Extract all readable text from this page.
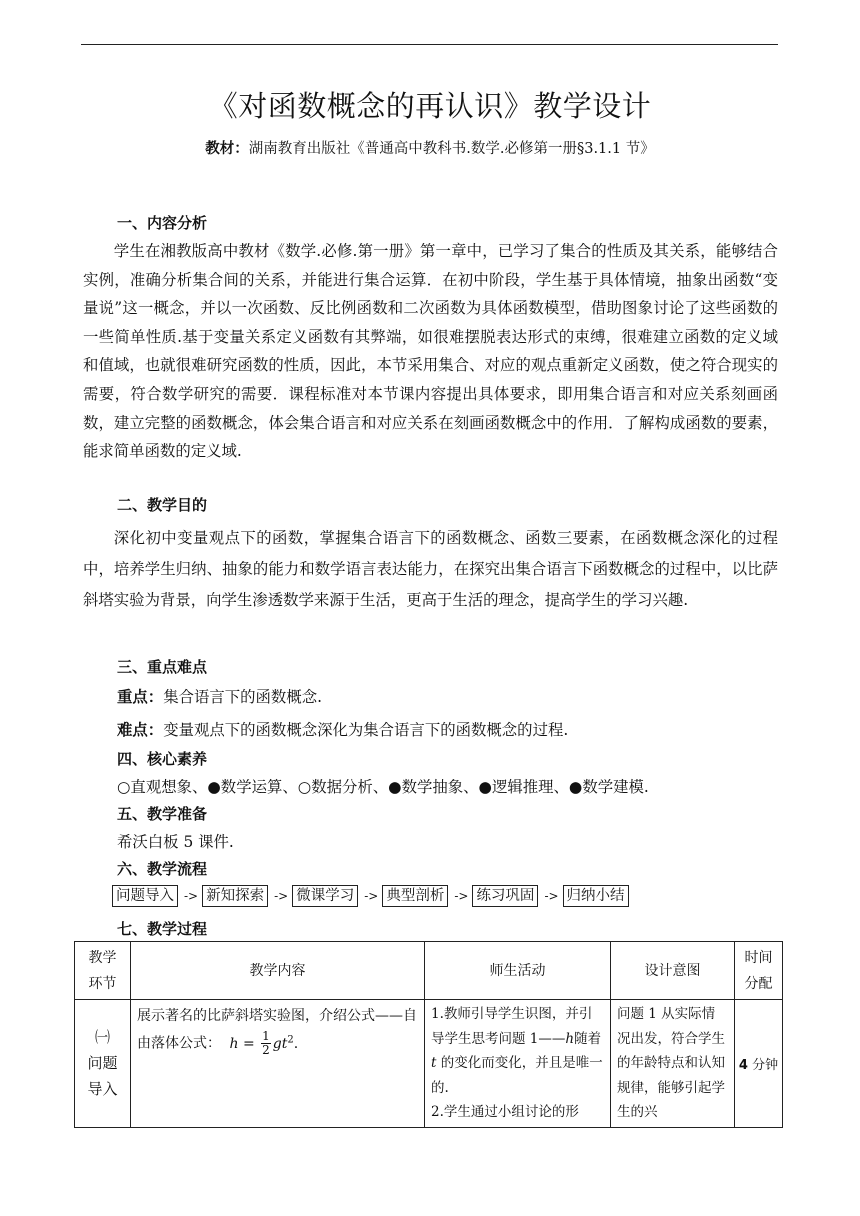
《对函数概念的再认识》教学设计
教材：湖南教育出版社《普通高中教科书.数学.必修第一册§3.1.1 节》
一、内容分析

学生在湘教版高中教材《数学.必修.第一册》第一章中，已学习了集合的性质及其关系，能够结合实例，准确分析集合间的关系，并能进行集合运算．在初中阶段，学生基于具体情境，抽象出函数“变量说”这一概念，并以一次函数、反比例函数和二次函数为具体函数模型，借助图象讨论了这些函数的一些简单性质.基于变量关系定义函数有其弊端，如很难摆脱表达形式的束缚，很难建立函数的定义域和值域，也就很难研究函数的性质，因此，本节采用集合、对应的观点重新定义函数，使之符合现实的需要，符合数学研究的需要．课程标准对本节课内容提出具体要求，即用集合语言和对应关系刻画函数，建立完整的函数概念，体会集合语言和对应关系在刻画函数概念中的作用．了解构成函数的要素，能求简单函数的定义域.

二、教学目的

深化初中变量观点下的函数，掌握集合语言下的函数概念、函数三要素，在函数概念深化的过程中，培养学生归纳、抽象的能力和数学语言表达能力，在探究出集合语言下函数概念的过程中，以比萨斜塔实验为背景，向学生渗透数学来源于生活，更高于生活的理念，提高学生的学习兴趣.

三、重点难点
重点：集合语言下的函数概念.
难点：变量观点下的函数概念深化为集合语言下的函数概念的过程.
四、核心素养
○直观想象、●数学运算、○数据分析、●数学抽象、●逻辑推理、●数学建模.
五、教学准备
希沃白板 5 课件.
六、教学流程
问题导入 -> 新知探索 -> 微课学习 -> 典型剖析 -> 练习巩固 -> 归纳小结
七、教学过程
教学
环节	教学内容	师生活动	设计意图	时间
分配
㈠
问题
导入	展示著名的比萨斜塔实验图，介绍公式——自由落体公式： $h = \frac{1}{2} gt^2$.	1.教师引导学生识图，并引导学生思考问题 1——h随着 t 的变化而变化，并且是唯一的.
2.学生通过小组讨论的形	问题 1 从实际情况出发，符合学生的年龄特点和认知规律，能够引起学生的兴	4 分钟
